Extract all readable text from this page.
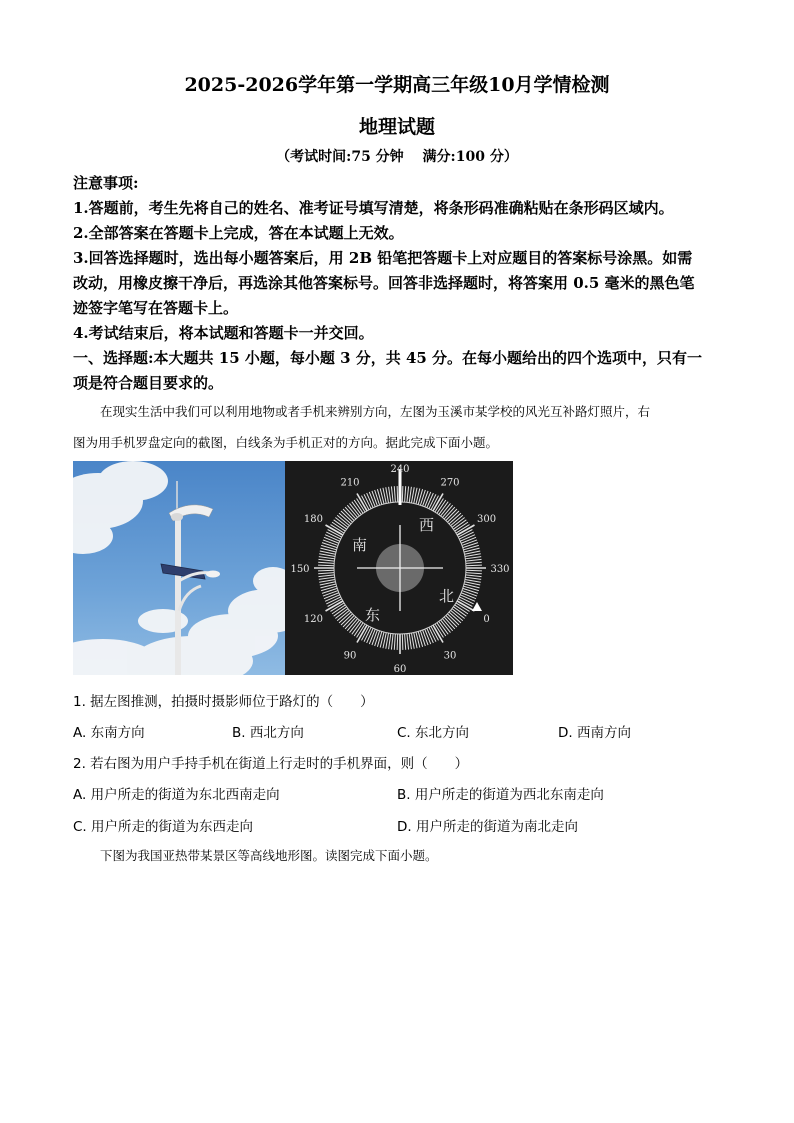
2025-2026学年第一学期高三年级10月学情检测
地理试题
（考试时间:75 分钟　 满分:100 分）
注意事项:
1.答题前，考生先将自己的姓名、准考证号填写清楚，将条形码准确粘贴在条形码区域内。
2.全部答案在答题卡上完成，答在本试题上无效。
3.回答选择题时，选出每小题答案后，用 2B 铅笔把答题卡上对应题目的答案标号涂黑。如需
改动，用橡皮擦干净后，再选涂其他答案标号。回答非选择题时，将答案用 0.5 毫米的黑色笔
迹签字笔写在答题卡上。
4.考试结束后，将本试题和答题卡一并交回。
一、选择题:本大题共 15 小题，每小题 3 分，共 45 分。在每小题给出的四个选项中，只有一
项是符合题目要求的。
在现实生活中我们可以利用地物或者手机来辨别方向，左图为玉溪市某学校的风光互补路灯照片，右
图为用手机罗盘定向的截图，白线条为手机正对的方向。据此完成下面小题。
240
270
300
330
0
30
60
90
120
150
180
210
南
西
北
东
1. 据左图推测，拍摄时摄影师位于路灯的（　　）
A. 东南方向	B. 西北方向	C. 东北方向	D. 西南方向
2. 若右图为用户手持手机在街道上行走时的手机界面，则（　　）
A. 用户所走的街道为东北西南走向	B. 用户所走的街道为西北东南走向
C. 用户所走的街道为东西走向	D. 用户所走的街道为南北走向
下图为我国亚热带某景区等高线地形图。读图完成下面小题。
